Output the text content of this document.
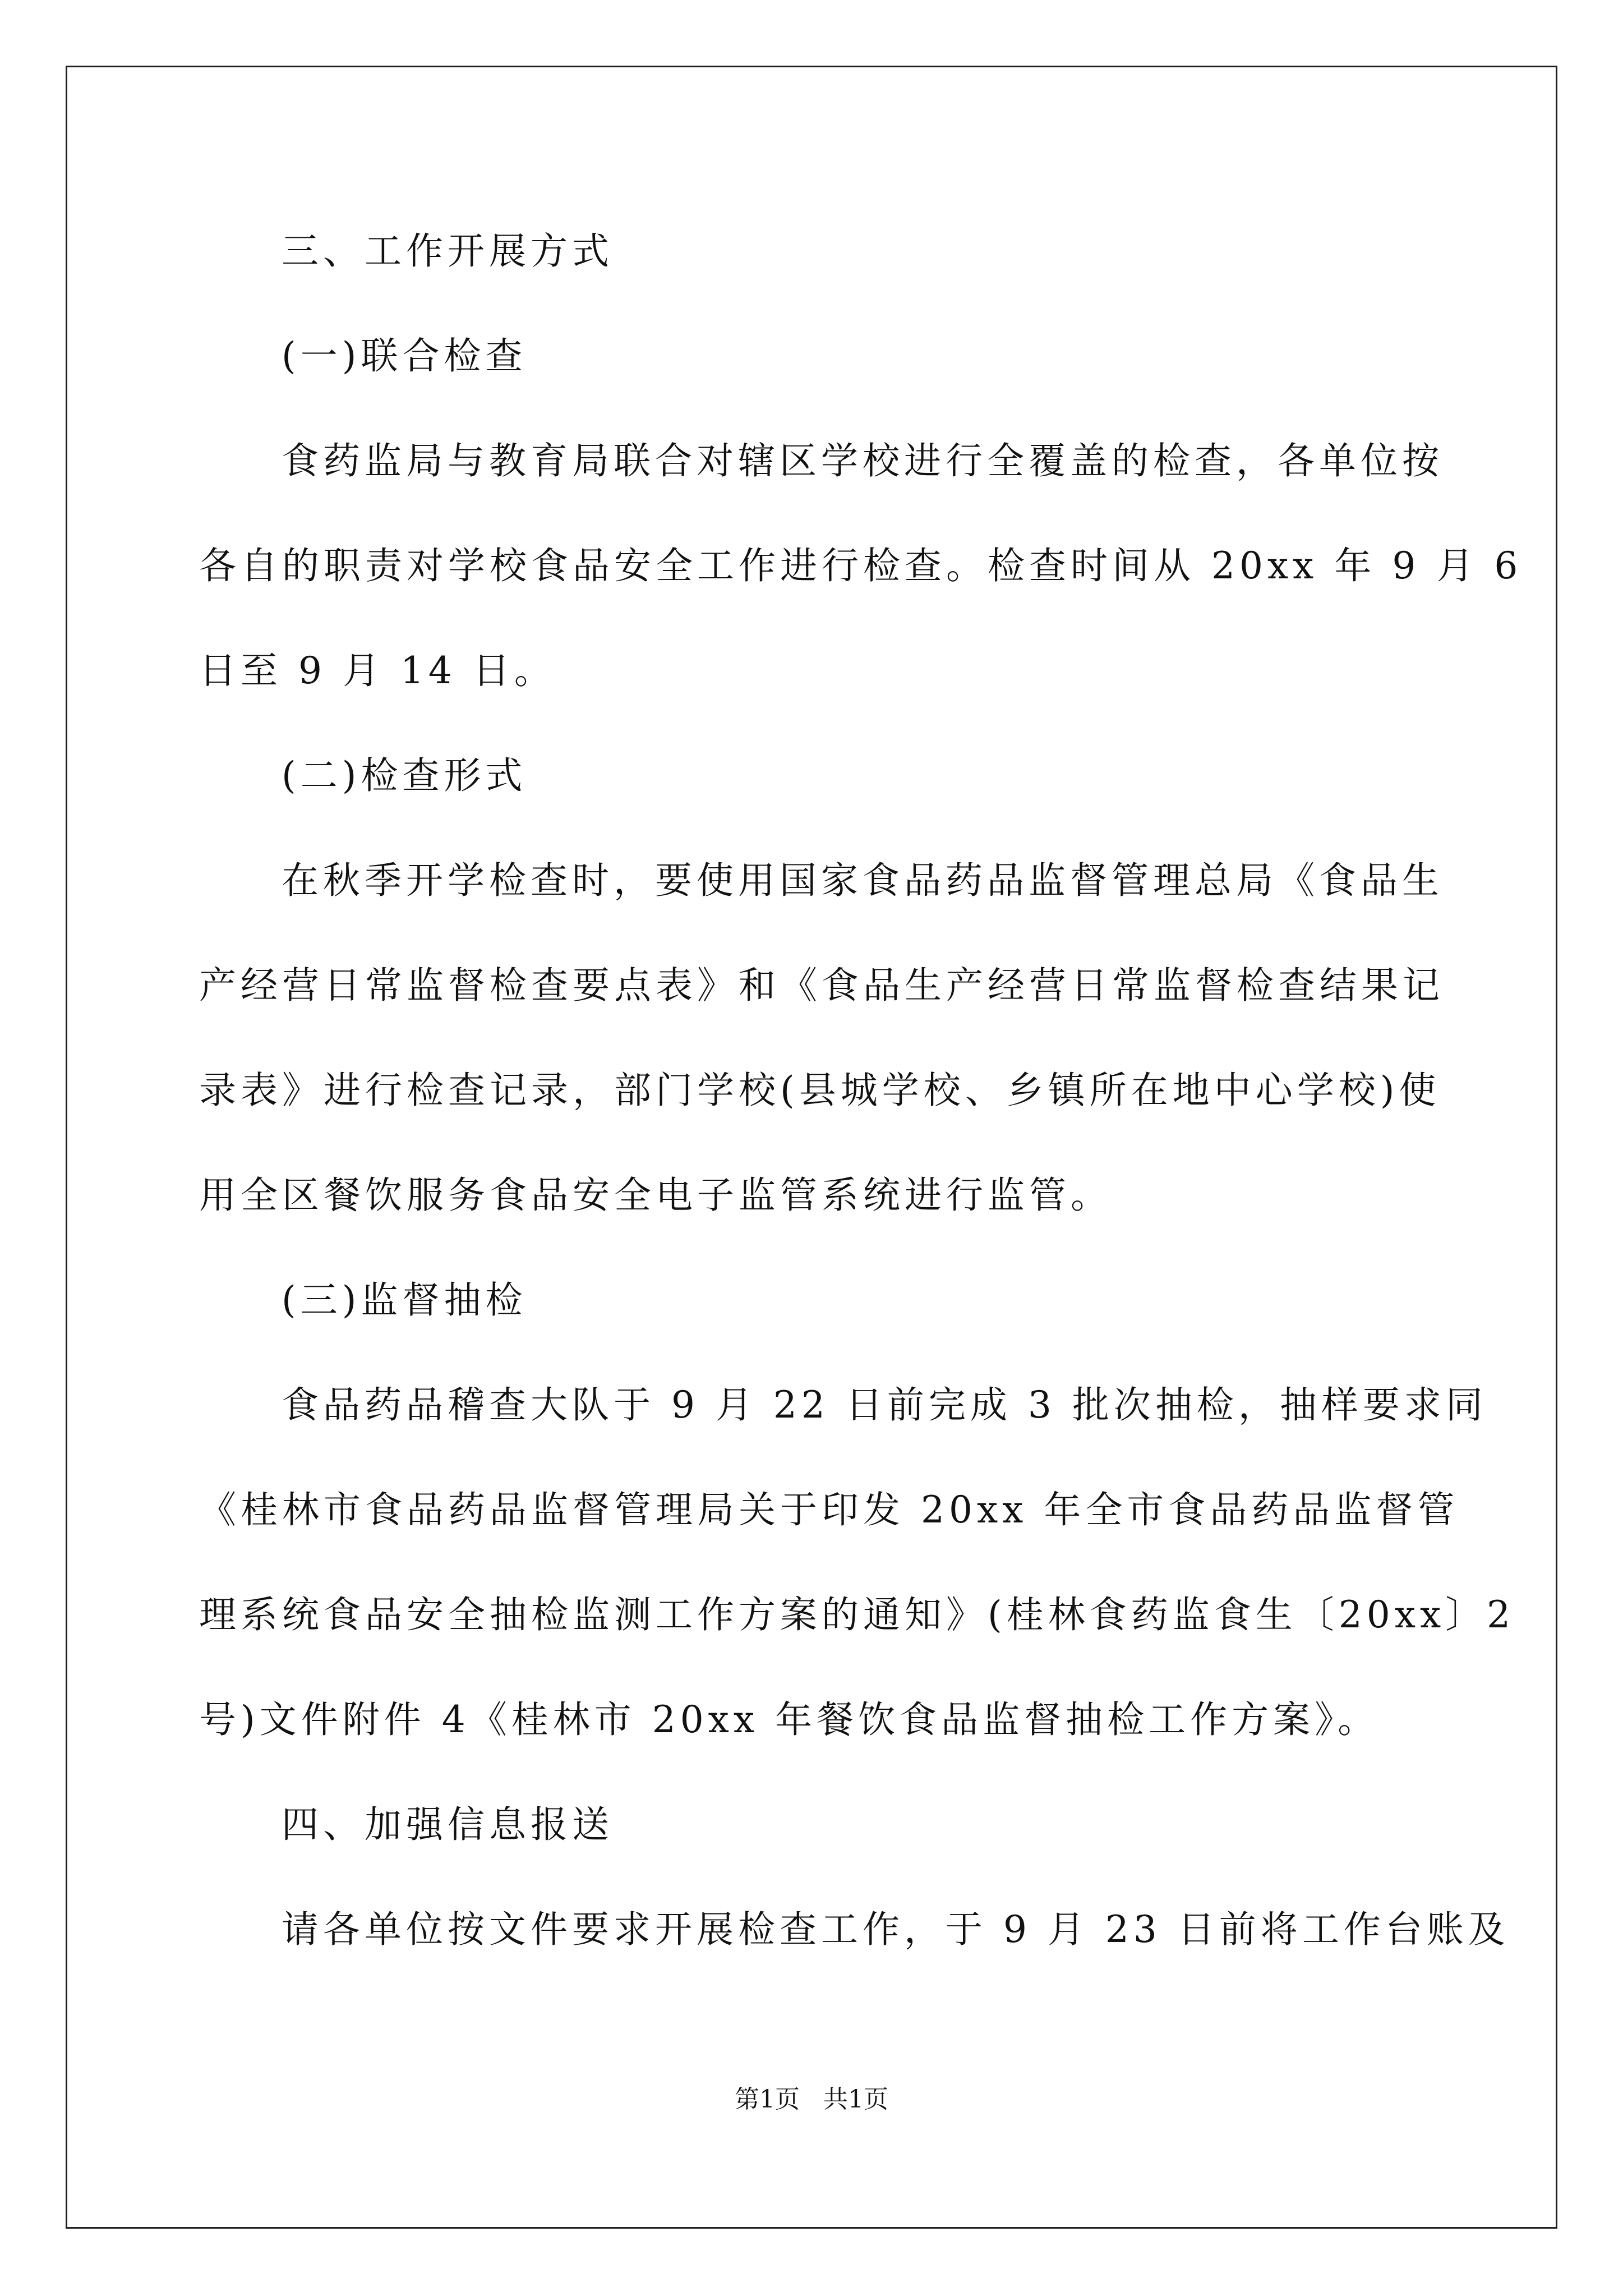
三、工作开展方式
(一)联合检查
食药监局与教育局联合对辖区学校进行全覆盖的检查，各单位按
各自的职责对学校食品安全工作进行检查。检查时间从 20xx 年 9 月 6
日至 9 月 14 日。
(二)检查形式
在秋季开学检查时，要使用国家食品药品监督管理总局《食品生
产经营日常监督检查要点表》和《食品生产经营日常监督检查结果记
录表》进行检查记录，部门学校(县城学校、乡镇所在地中心学校)使
用全区餐饮服务食品安全电子监管系统进行监管。
(三)监督抽检
食品药品稽查大队于 9 月 22 日前完成 3 批次抽检，抽样要求同
《桂林市食品药品监督管理局关于印发 20xx 年全市食品药品监督管
理系统食品安全抽检监测工作方案的通知》(桂林食药监食生〔20xx〕2
号)文件附件 4《桂林市 20xx 年餐饮食品监督抽检工作方案》。
四、加强信息报送
请各单位按文件要求开展检查工作，于 9 月 23 日前将工作台账及
第1页   共1页
